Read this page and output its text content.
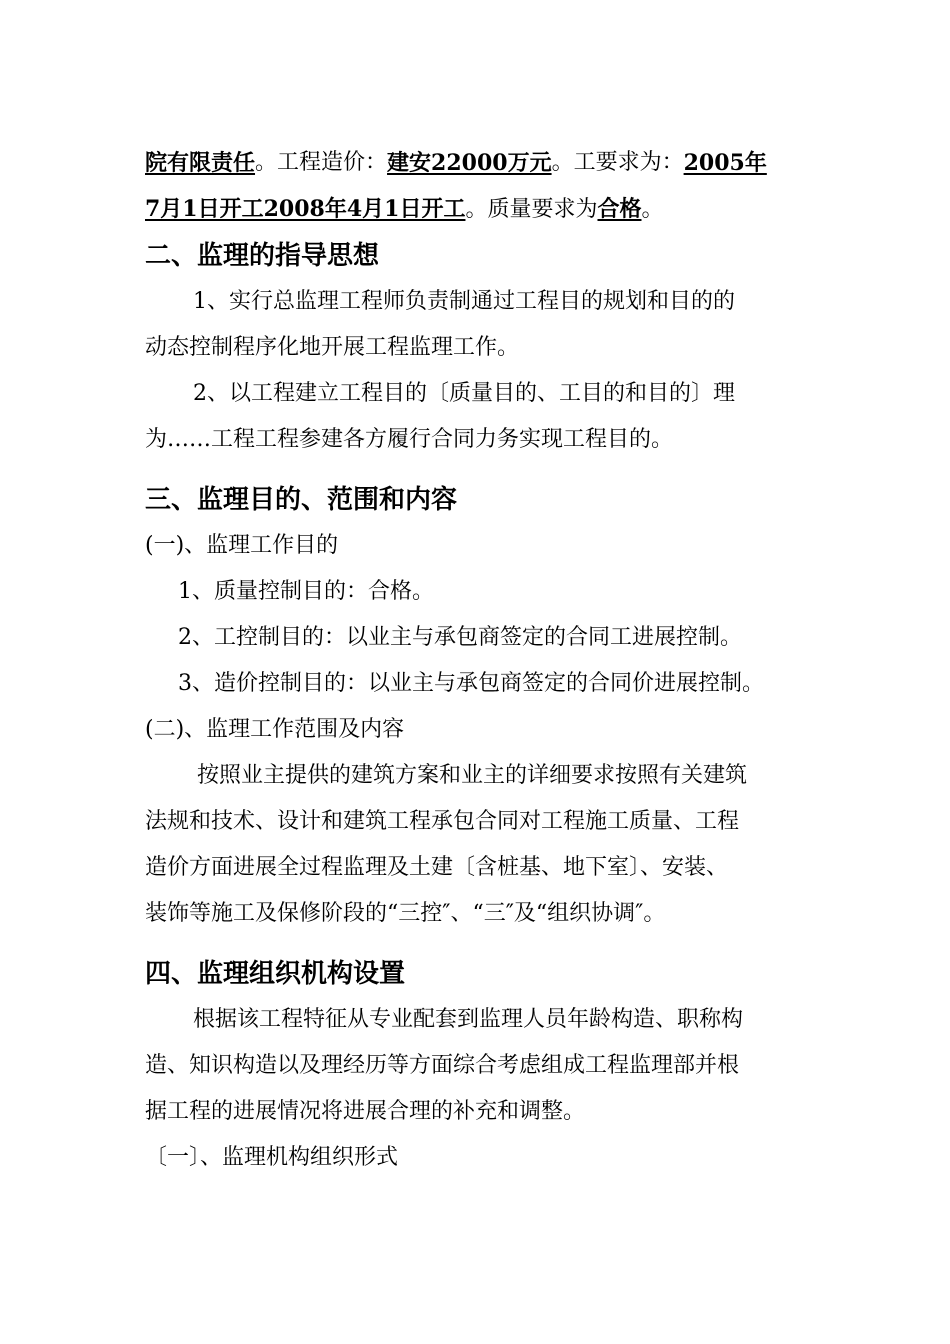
院有限责任 。工程造价： 建安22000万元 。工要求为： 2005年
7月1日开工2008年4月1日开工。质量要求为合格。
二、监理的指导思想
1、实行总监理工程师负责制通过工程目的规划和目的的
动态控制程序化地开展工程监理工作。
2、以工程建立工程目的〔质量目的、工目的和目的〕理
为……工程工程参建各方履行合同力务实现工程目的。
三、监理目的、范围和内容
(一)、监理工作目的
1、质量控制目的：合格。
2、工控制目的：以业主与承包商签定的合同工进展控制。
3、造价控制目的：以业主与承包商签定的合同价进展控制。
(二)、监理工作范围及内容
按照业主提供的建筑方案和业主的详细要求按照有关建筑
法规和技术、设计和建筑工程承包合同对工程施工质量、工程
造价方面进展全过程监理及土建〔含桩基、地下室〕、安装、
装饰等施工及保修阶段的“三控″、“三″及“组织协调″。
四、监理组织机构设置
根据该工程特征从专业配套到监理人员年龄构造、职称构
造、知识构造以及理经历等方面综合考虑组成工程监理部并根
据工程的进展情况将进展合理的补充和调整。
〔一〕、监理机构组织形式
